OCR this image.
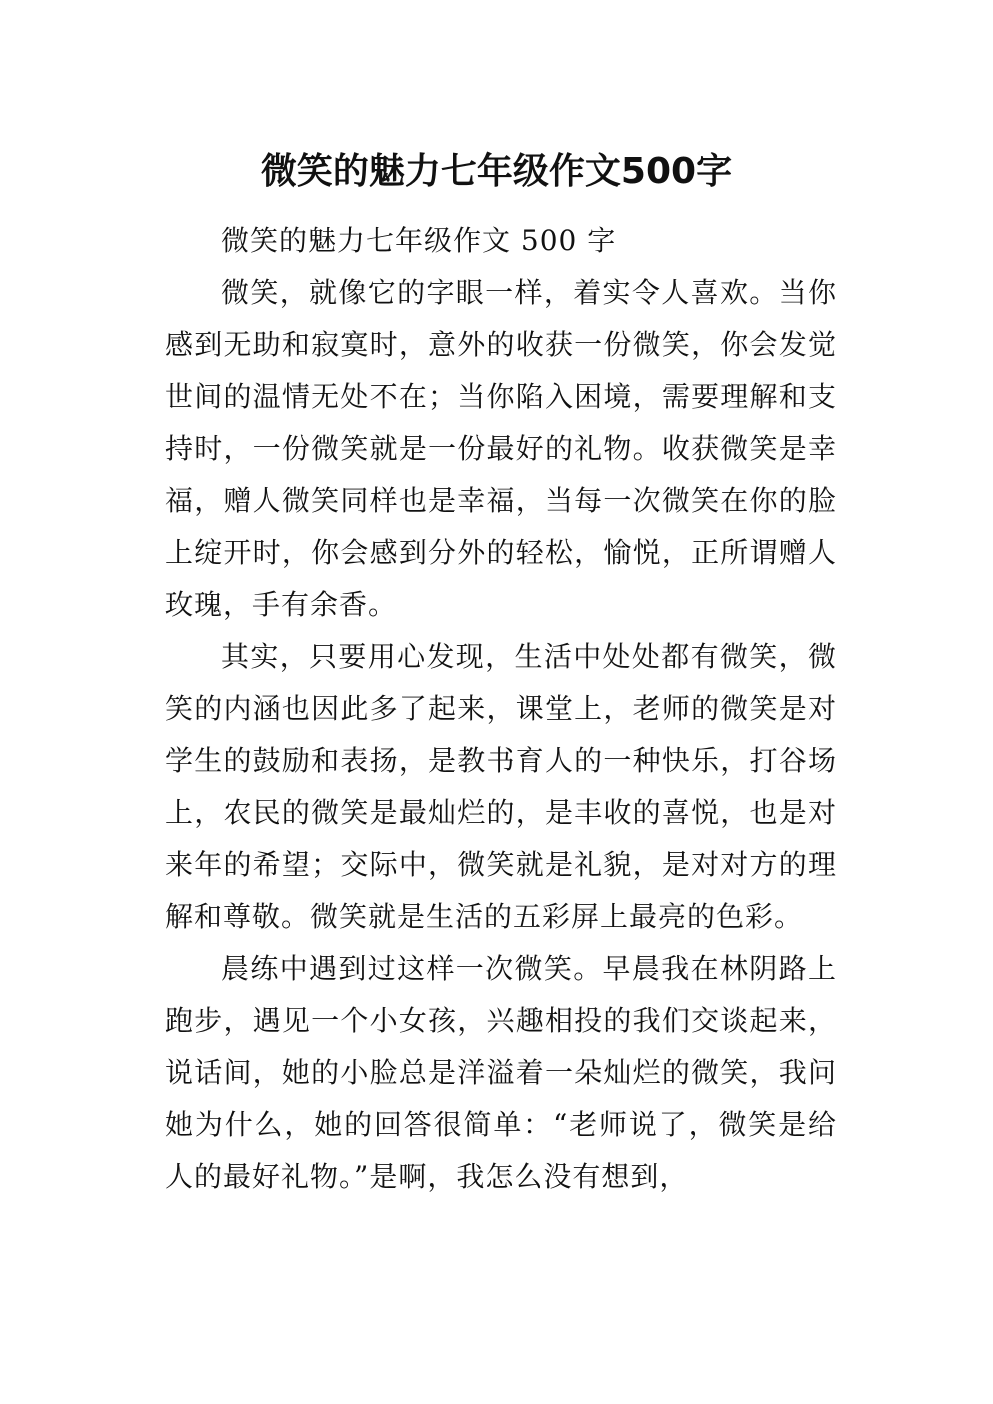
微笑的魅力七年级作文500字

微笑的魅力七年级作文 500 字

微笑，就像它的字眼一样，着实令人喜欢。当你感到无助和寂寞时，意外的收获一份微笑，你会发觉世间的温情无处不在；当你陷入困境，需要理解和支持时，一份微笑就是一份最好的礼物。收获微笑是幸福，赠人微笑同样也是幸福，当每一次微笑在你的脸上绽开时，你会感到分外的轻松，愉悦，正所谓赠人玫瑰，手有余香。

其实，只要用心发现，生活中处处都有微笑，微笑的内涵也因此多了起来，课堂上，老师的微笑是对学生的鼓励和表扬，是教书育人的一种快乐，打谷场上，农民的微笑是最灿烂的，是丰收的喜悦，也是对来年的希望；交际中，微笑就是礼貌，是对对方的理解和尊敬。微笑就是生活的五彩屏上最亮的色彩。

晨练中遇到过这样一次微笑。早晨我在林阴路上跑步，遇见一个小女孩，兴趣相投的我们交谈起来，说话间，她的小脸总是洋溢着一朵灿烂的微笑，我问她为什么，她的回答很简单：“老师说了，微笑是给人的最好礼物。”是啊，我怎么没有想到，
